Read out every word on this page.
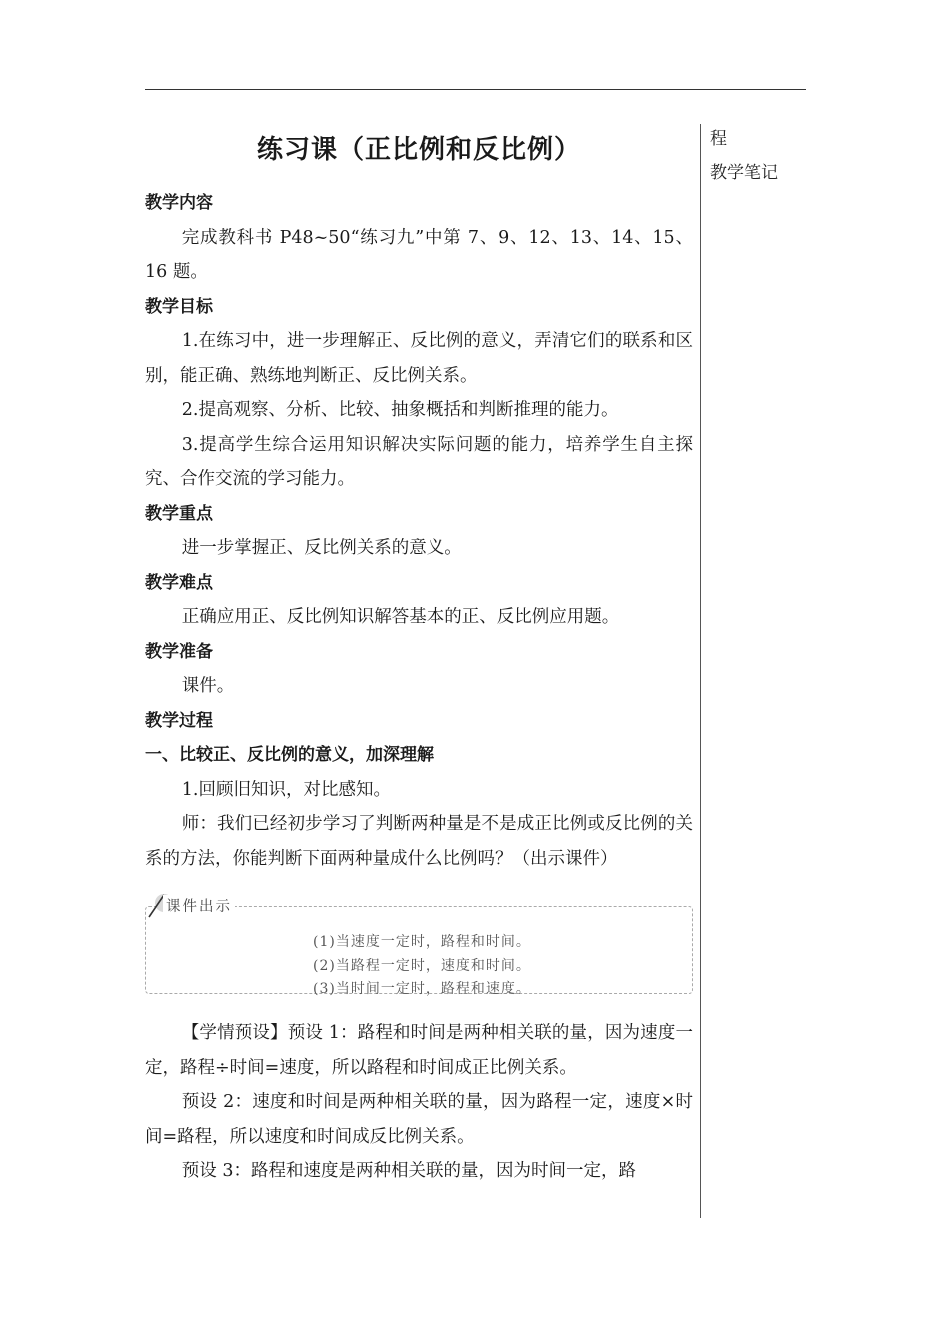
程
教学笔记
练习课（正比例和反比例）

教学内容

完成教科书 P48~50“练习九”中第 7、9、12、13、14、15、16 题。

教学目标

1.在练习中，进一步理解正、反比例的意义，弄清它们的联系和区别，能正确、熟练地判断正、反比例关系。

2.提高观察、分析、比较、抽象概括和判断推理的能力。

3.提高学生综合运用知识解决实际问题的能力，培养学生自主探究、合作交流的学习能力。

教学重点

进一步掌握正、反比例关系的意义。

教学难点

正确应用正、反比例知识解答基本的正、反比例应用题。

教学准备

课件。

教学过程

一、比较正、反比例的意义，加深理解

1.回顾旧知识，对比感知。

师：我们已经初步学习了判断两种量是不是成正比例或反比例的关系的方法，你能判断下面两种量成什么比例吗？（出示课件）

(1)当速度一定时，路程和时间。
(2)当路程一定时，速度和时间。
(3)当时间一定时，路程和速度。
课件出示

【学情预设】预设 1：路程和时间是两种相关联的量，因为速度一定，路程÷时间=速度，所以路程和时间成正比例关系。

预设 2：速度和时间是两种相关联的量，因为路程一定，速度×时间=路程，所以速度和时间成反比例关系。

预设 3：路程和速度是两种相关联的量，因为时间一定，路
